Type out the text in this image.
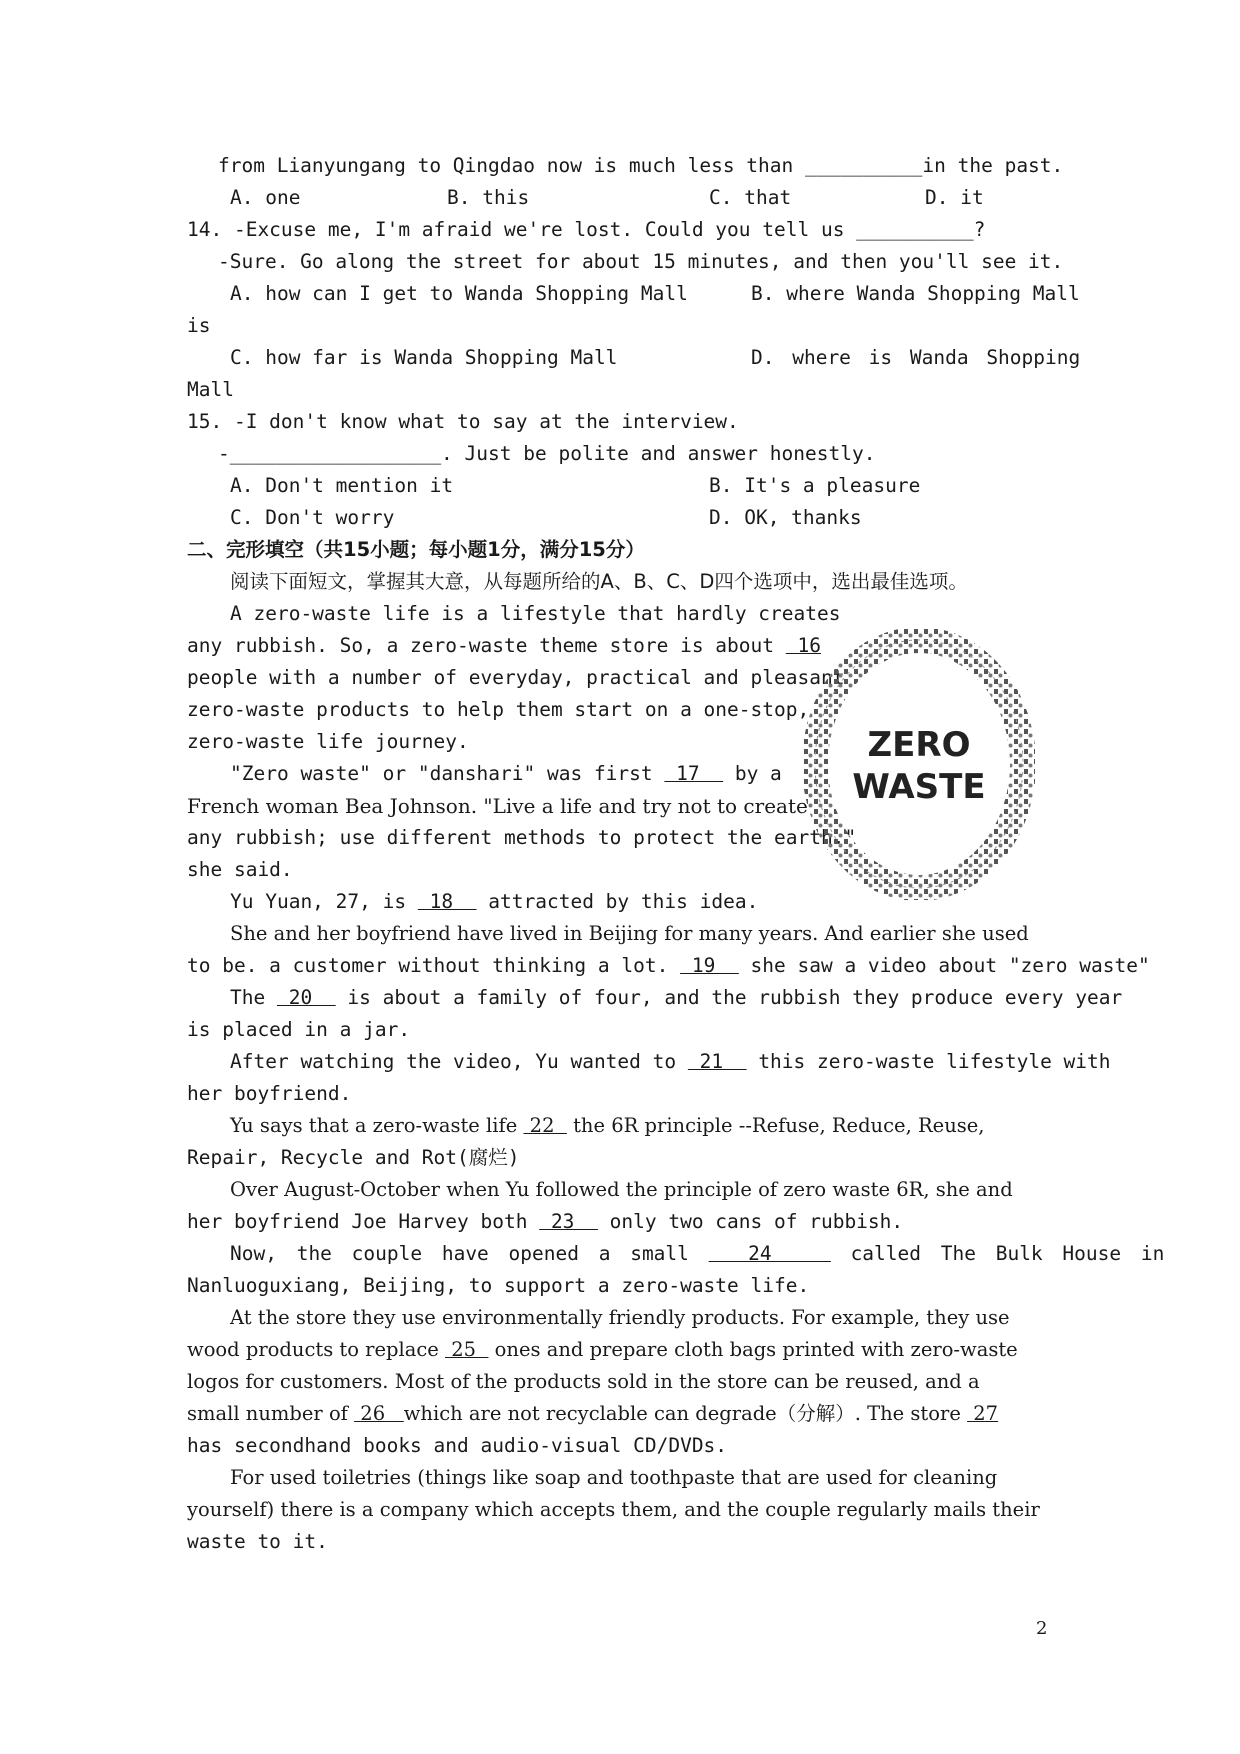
from Lianyungang to Qingdao now is much less than __________in the past.
A. one	B. this	C. that	D. it
14. -Excuse me, I'm afraid we're lost. Could you tell us __________?
-Sure. Go along the street for about 15 minutes, and then you'll see it.
A. how can I get to Wanda Shopping Mall	B. where Wanda Shopping Mall
is
C. how far is Wanda Shopping Mall	D. where is Wanda Shopping
Mall
15. -I don't know what to say at the interview.
-__________________. Just be polite and answer honestly.
A. Don't mention it	B. It's a pleasure
C. Don't worry	D. OK, thanks
二、完形填空（共15小题；每小题1分，满分15分）
阅读下面短文，掌握其大意，从每题所给的A、B、C、D四个选项中，选出最佳选项。
A zero-waste life is a lifestyle that hardly creates
any rubbish. So, a zero-waste theme store is about  16
people with a number of everyday, practical and pleasant
zero-waste products to help them start on a one-stop,
zero-waste life journey.
"Zero waste" or "danshari" was first  17   by a
French woman Bea Johnson. "Live a life and try not to create
any rubbish; use different methods to protect the earth."
she said.
Yu Yuan, 27, is  18   attracted by this idea.
She and her boyfriend have lived in Beijing for many years. And earlier she used
to be. a customer without thinking a lot.  19   she saw a video about "zero waste"
The  20   is about a family of four, and the rubbish they produce every year
is placed in a jar.
After watching the video, Yu wanted to  21   this zero-waste lifestyle with
her boyfriend.
Yu says that a zero-waste life  22   the 6R principle --Refuse, Reduce, Reuse,
Repair, Recycle and Rot(腐烂)
Over August-October when Yu followed the principle of zero waste 6R, she and
her boyfriend Joe Harvey both  23   only two cans of rubbish.
Now, the couple have opened a small   24    called The Bulk House in
Nanluoguxiang, Beijing, to support a zero-waste life.
At the store they use environmentally friendly products. For example, they use
wood products to replace  25   ones and prepare cloth bags printed with zero-waste
logos for customers. Most of the products sold in the store can be reused, and a
small number of  26   which are not recyclable can degrade（分解）. The store  27
has secondhand books and audio-visual CD/DVDs.
For used toiletries (things like soap and toothpaste that are used for cleaning
yourself) there is a company which accepts them, and the couple regularly mails their
waste to it.
ZERO
WASTE
2
